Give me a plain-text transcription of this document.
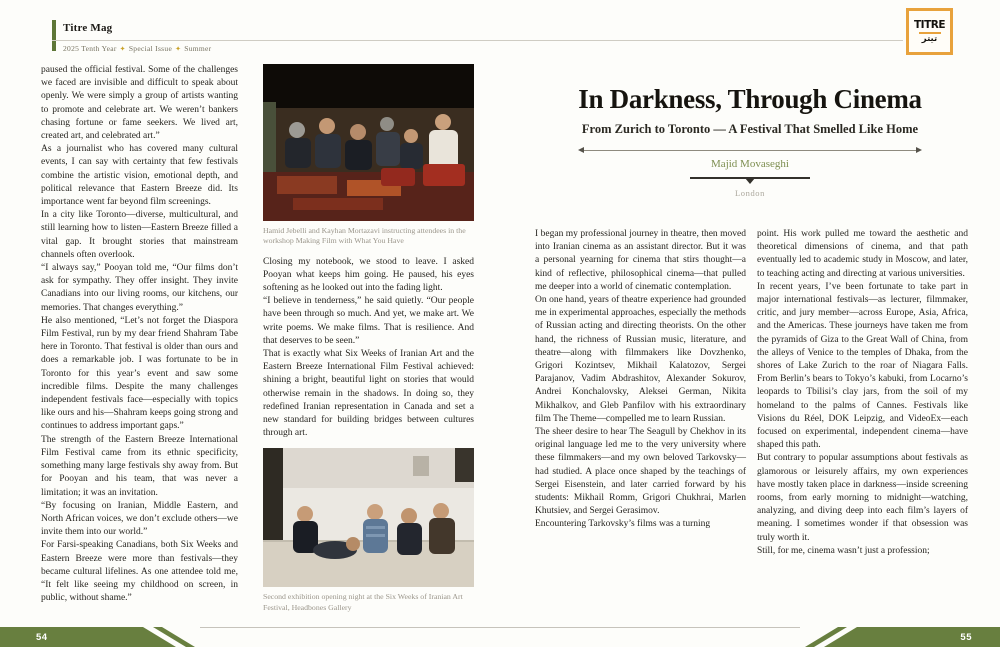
Titre Mag
2025 Tenth Year ✦ Special Issue ✦ Summer
TITRE
تیتر

paused the official festival. Some of the challenges we faced are invisible and difficult to speak about openly. We were simply a group of artists wanting to promote and celebrate art. We weren’t bankers chasing fortune or fame seekers. We lived art, created art, and celebrated art.”

As a journalist who has covered many cultural events, I can say with certainty that few festivals combine the artistic vision, emotional depth, and political relevance that Eastern Breeze did. Its importance went far beyond film screenings.

In a city like Toronto—diverse, multicultural, and still learning how to listen—Eastern Breeze filled a vital gap. It brought stories that mainstream channels often overlook.

“I always say,” Pooyan told me, “Our films don’t ask for sympathy. They offer insight. They invite Canadians into our living rooms, our kitchens, our memories. That changes everything.”

He also mentioned, “Let’s not forget the Diaspora Film Festival, run by my dear friend Shahram Tabe here in Toronto. That festival is older than ours and does a remarkable job. I was fortunate to be in Toronto for this year’s event and saw some incredible films. Despite the many challenges independent festivals face—especially with topics like ours and his—Shahram keeps going strong and continues to address important gaps.”

The strength of the Eastern Breeze International Film Festival came from its ethnic specificity, something many large festivals shy away from. But for Pooyan and his team, that was never a limitation; it was an invitation.

“By focusing on Iranian, Middle Eastern, and North African voices, we don’t exclude others—we invite them into our world.”

For Farsi-speaking Canadians, both Six Weeks and Eastern Breeze were more than festivals—they became cultural lifelines. As one attendee told me, “It felt like seeing my childhood on screen, in public, without shame.”

Hamid Jebelli and Kayhan Mortazavi instructing attendees in the workshop Making Film with What You Have

Closing my notebook, we stood to leave. I asked Pooyan what keeps him going. He paused, his eyes softening as he looked out into the fading light.

“I believe in tenderness,” he said quietly. “Our people have been through so much. And yet, we make art. We write poems. We make films. That is resilience. And that deserves to be seen.”

That is exactly what Six Weeks of Iranian Art and the Eastern Breeze International Film Festival achieved: shining a bright, beautiful light on stories that would otherwise remain in the shadows. In doing so, they redefined Iranian representation in Canada and set a new standard for building bridges between cultures through art.

Second exhibition opening night at the Six Weeks of Iranian Art Festival, Headbones Gallery
In Darkness, Through Cinema
From Zurich to Toronto — A Festival That Smelled Like Home
Majid Movaseghi
London

I began my professional journey in theatre, then moved into Iranian cinema as an assistant director. But it was a personal yearning for cinema that stirs thought—a kind of reflective, philosophical cinema—that pulled me deeper into a world of cinematic contemplation.

On one hand, years of theatre experience had grounded me in experimental approaches, especially the methods of Russian acting and directing theorists. On the other hand, the richness of Russian music, literature, and theatre—along with filmmakers like Dovzhenko, Grigori Kozintsev, Mikhail Kalatozov, Sergei Parajanov, Vadim Abdrashitov, Alexander Sokurov, Andrei Konchalovsky, Aleksei German, Nikita Mikhalkov, and Gleb Panfilov with his extraordinary film The Theme—compelled me to learn Russian.

The sheer desire to hear The Seagull by Chekhov in its original language led me to the very university where these filmmakers—and my own beloved Tarkovsky—had studied. A place once shaped by the teachings of Sergei Eisenstein, and later carried forward by his students: Mikhail Romm, Grigori Chukhrai, Marlen Khutsiev, and Sergei Gerasimov.

Encountering Tarkovsky’s films was a turning

point. His work pulled me toward the aesthetic and theoretical dimensions of cinema, and that path eventually led to academic study in Moscow, and later, to teaching acting and directing at various universities.

In recent years, I’ve been fortunate to take part in major international festivals—as lecturer, filmmaker, critic, and jury member—across Europe, Asia, Africa, and the Americas. These journeys have taken me from the pyramids of Giza to the Great Wall of China, from the alleys of Venice to the temples of Dhaka, from the shores of Lake Zurich to the roar of Niagara Falls. From Berlin’s bears to Tokyo’s kabuki, from Locarno’s leopards to Tbilisi’s clay jars, from the soil of my homeland to the palms of Cannes. Festivals like Visions du Réel, DOK Leipzig, and VideoEx—each focused on experimental, independent cinema—have shaped this path.

But contrary to popular assumptions about festivals as glamorous or leisurely affairs, my own experiences have mostly taken place in darkness—inside screening rooms, from early morning to midnight—watching, analyzing, and diving deep into each film’s layers of meaning. I sometimes wonder if that obsession was truly worth it.

Still, for me, cinema wasn’t just a profession;

54	55
